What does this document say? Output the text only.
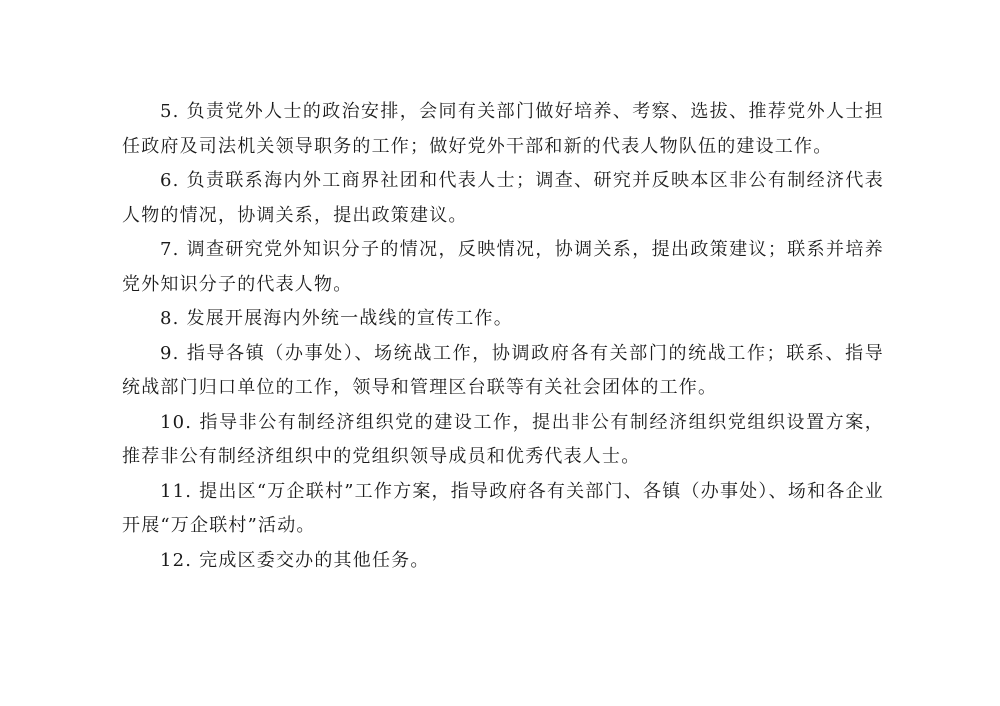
5. 负责党外人士的政治安排，会同有关部门做好培养、考察、选拔、推荐党外人士担任政府及司法机关领导职务的工作；做好党外干部和新的代表人物队伍的建设工作。

6. 负责联系海内外工商界社团和代表人士；调查、研究并反映本区非公有制经济代表人物的情况，协调关系，提出政策建议。

7. 调查研究党外知识分子的情况，反映情况，协调关系，提出政策建议；联系并培养党外知识分子的代表人物。

8. 发展开展海内外统一战线的宣传工作。

9. 指导各镇（办事处）、场统战工作，协调政府各有关部门的统战工作；联系、指导统战部门归口单位的工作，领导和管理区台联等有关社会团体的工作。

10. 指导非公有制经济组织党的建设工作，提出非公有制经济组织党组织设置方案，推荐非公有制经济组织中的党组织领导成员和优秀代表人士。

11. 提出区“万企联村”工作方案，指导政府各有关部门、各镇（办事处）、场和各企业开展“万企联村”活动。

12. 完成区委交办的其他任务。
